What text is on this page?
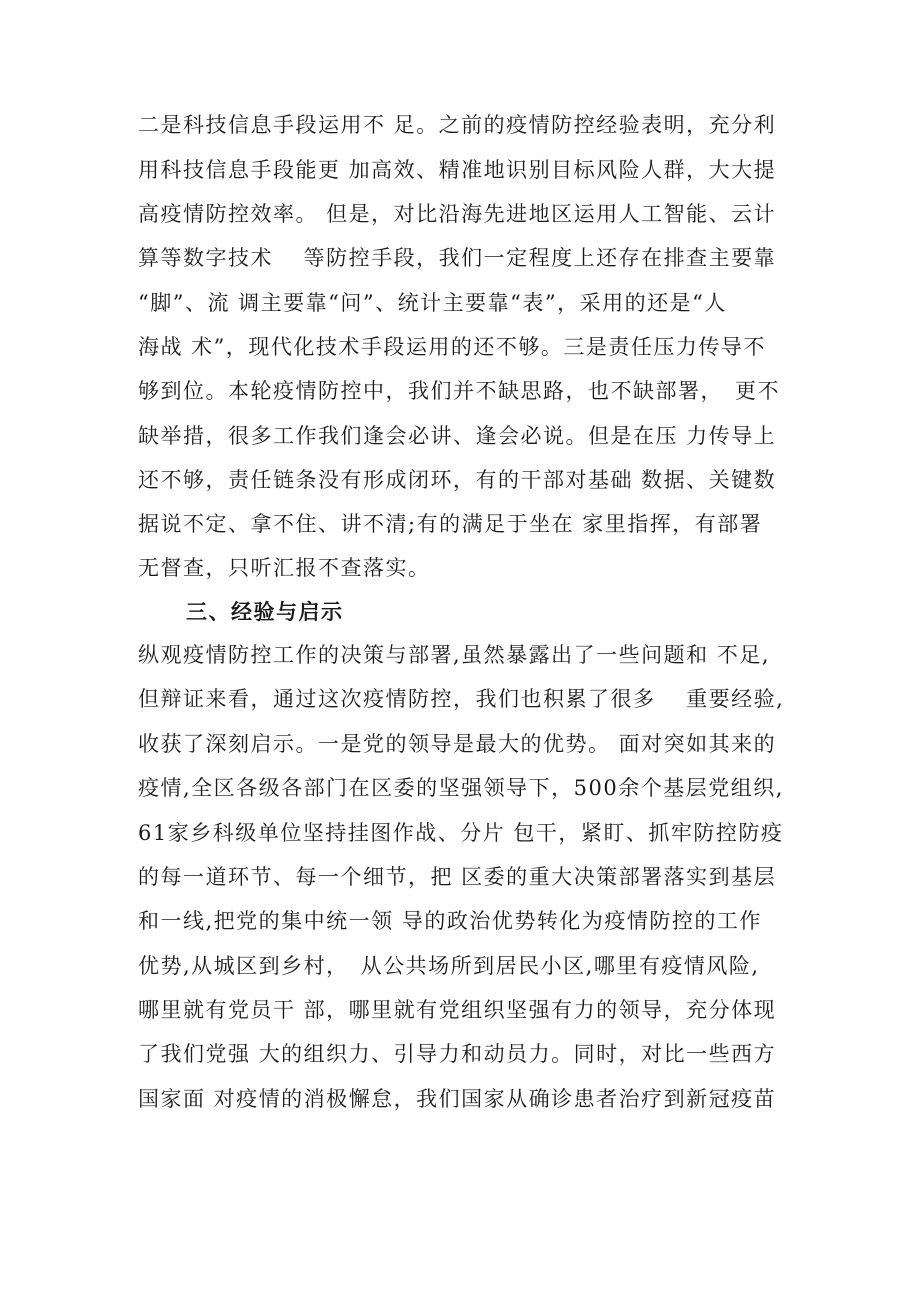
二是科技信息手段运用不 足。之前的疫情防控经验表明，充分利
用科技信息手段能更 加高效、精准地识别目标风险人群，大大提
高疫情防控效率。 但是，对比沿海先进地区运用人工智能、云计
算等数字技术　 等防控手段，我们一定程度上还存在排查主要靠
“脚”、流 调主要靠“问”、统计主要靠“表”，采用的还是“人
海战 术”，现代化技术手段运用的还不够。三是责任压力传导不
够到位。本轮疫情防控中，我们并不缺思路，也不缺部署，　更不
缺举措，很多工作我们逢会必讲、逢会必说。但是在压 力传导上
还不够，责任链条没有形成闭环，有的干部对基础 数据、关键数
据说不定、拿不住、讲不清;有的满足于坐在 家里指挥，有部署
无督查，只听汇报不查落实。
三、经验与启示
纵观疫情防控工作的决策与部署,虽然暴露出了一些问题和 不足,
但辩证来看，通过这次疫情防控，我们也积累了很多　 重要经验,
收获了深刻启示。一是党的领导是最大的优势。 面对突如其来的
疫情,全区各级各部门在区委的坚强领导下，500余个基层党组织,
61家乡科级单位坚持挂图作战、分片 包干，紧盯、抓牢防控防疫
的每一道环节、每一个细节，把 区委的重大决策部署落实到基层
和一线,把党的集中统一领 导的政治优势转化为疫情防控的工作
优势,从城区到乡村，　从公共场所到居民小区,哪里有疫情风险,
哪里就有党员干 部，哪里就有党组织坚强有力的领导，充分体现
了我们党强 大的组织力、引导力和动员力。同时，对比一些西方
国家面 对疫情的消极懈怠，我们国家从确诊患者治疗到新冠疫苗
